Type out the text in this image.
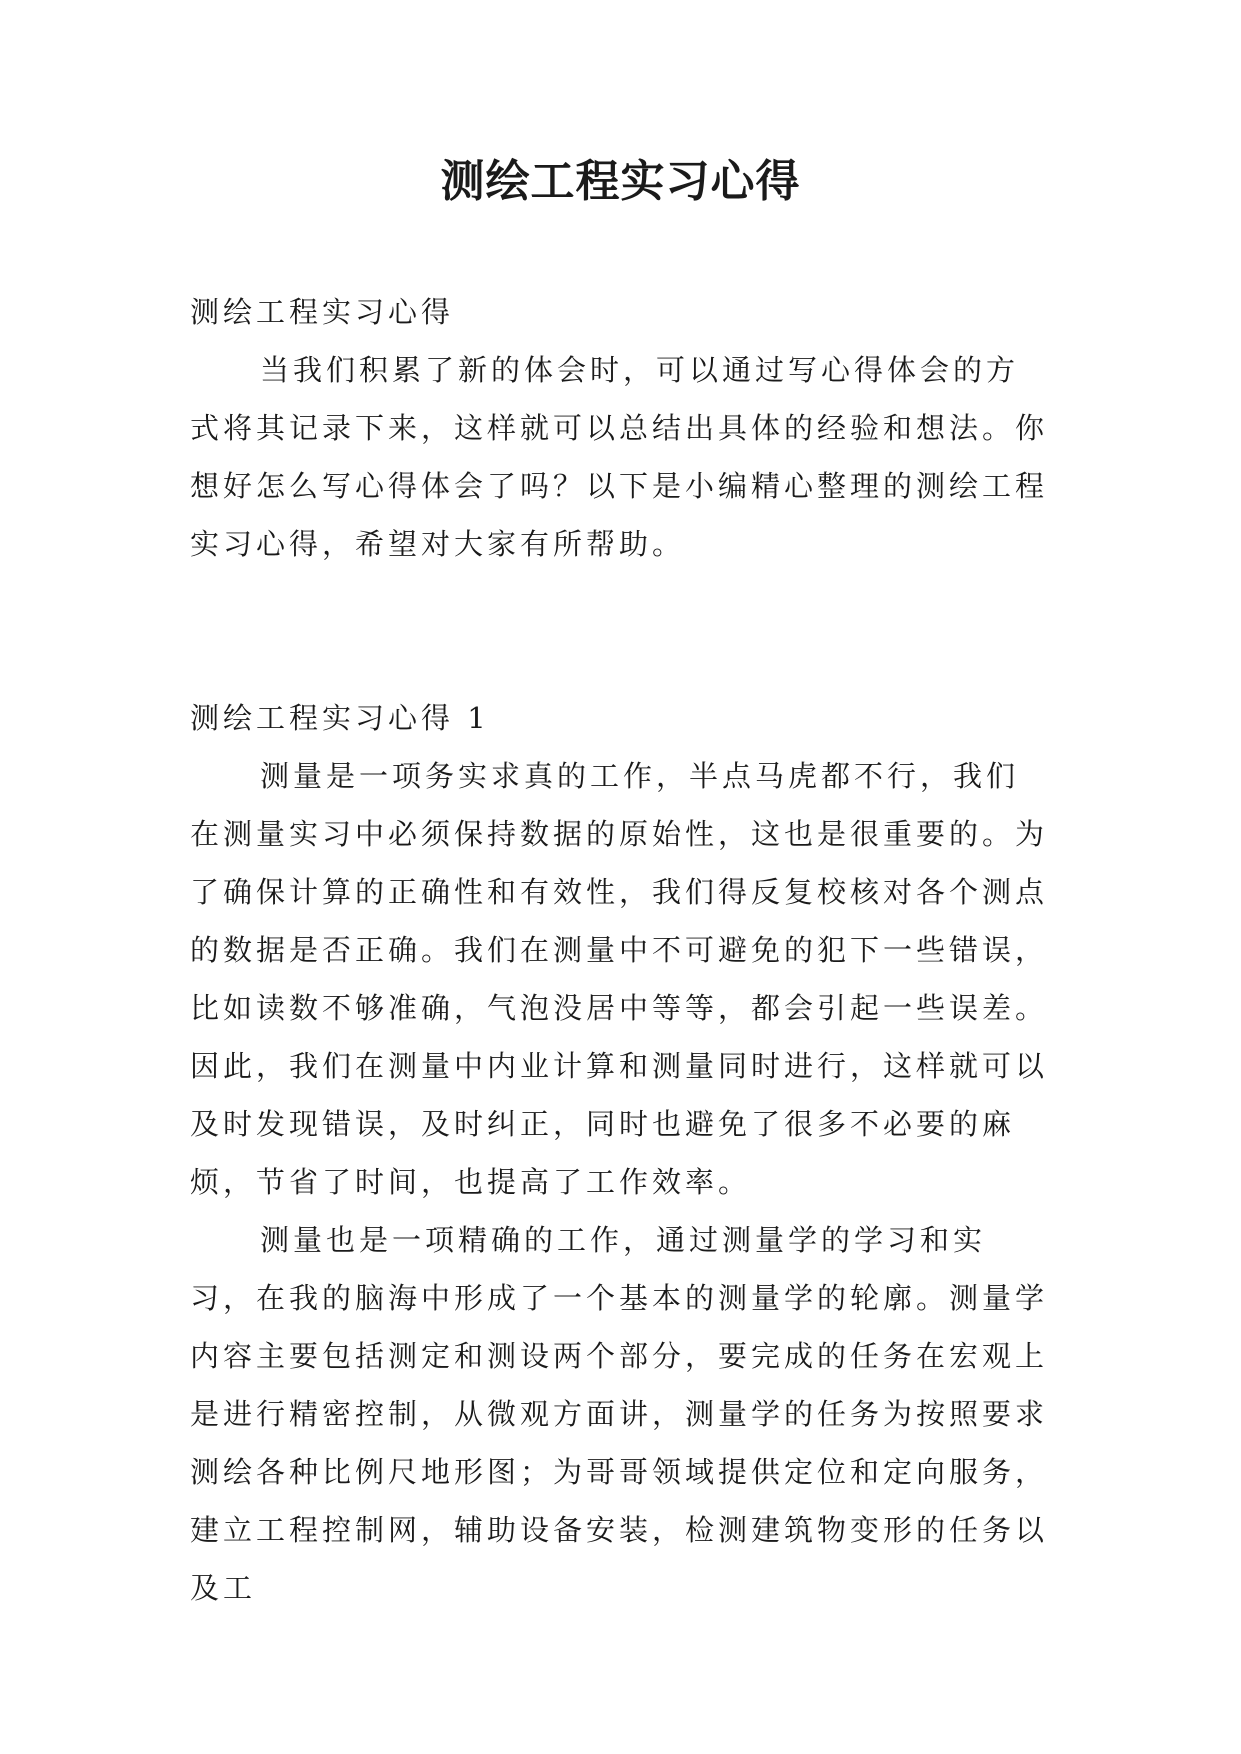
测绘工程实习心得

测绘工程实习心得

当我们积累了新的体会时，可以通过写心得体会的方式将其记录下来，这样就可以总结出具体的经验和想法。你想好怎么写心得体会了吗？以下是小编精心整理的测绘工程实习心得，希望对大家有所帮助。

测绘工程实习心得 1

测量是一项务实求真的工作，半点马虎都不行，我们在测量实习中必须保持数据的原始性，这也是很重要的。为了确保计算的正确性和有效性，我们得反复校核对各个测点的数据是否正确。我们在测量中不可避免的犯下一些错误，比如读数不够准确，气泡没居中等等，都会引起一些误差。因此，我们在测量中内业计算和测量同时进行，这样就可以及时发现错误，及时纠正，同时也避免了很多不必要的麻烦，节省了时间，也提高了工作效率。

测量也是一项精确的工作，通过测量学的学习和实习，在我的脑海中形成了一个基本的测量学的轮廓。测量学内容主要包括测定和测设两个部分，要完成的任务在宏观上是进行精密控制，从微观方面讲，测量学的任务为按照要求测绘各种比例尺地形图；为哥哥领域提供定位和定向服务，建立工程控制网，辅助设备安装，检测建筑物变形的任务以及工
